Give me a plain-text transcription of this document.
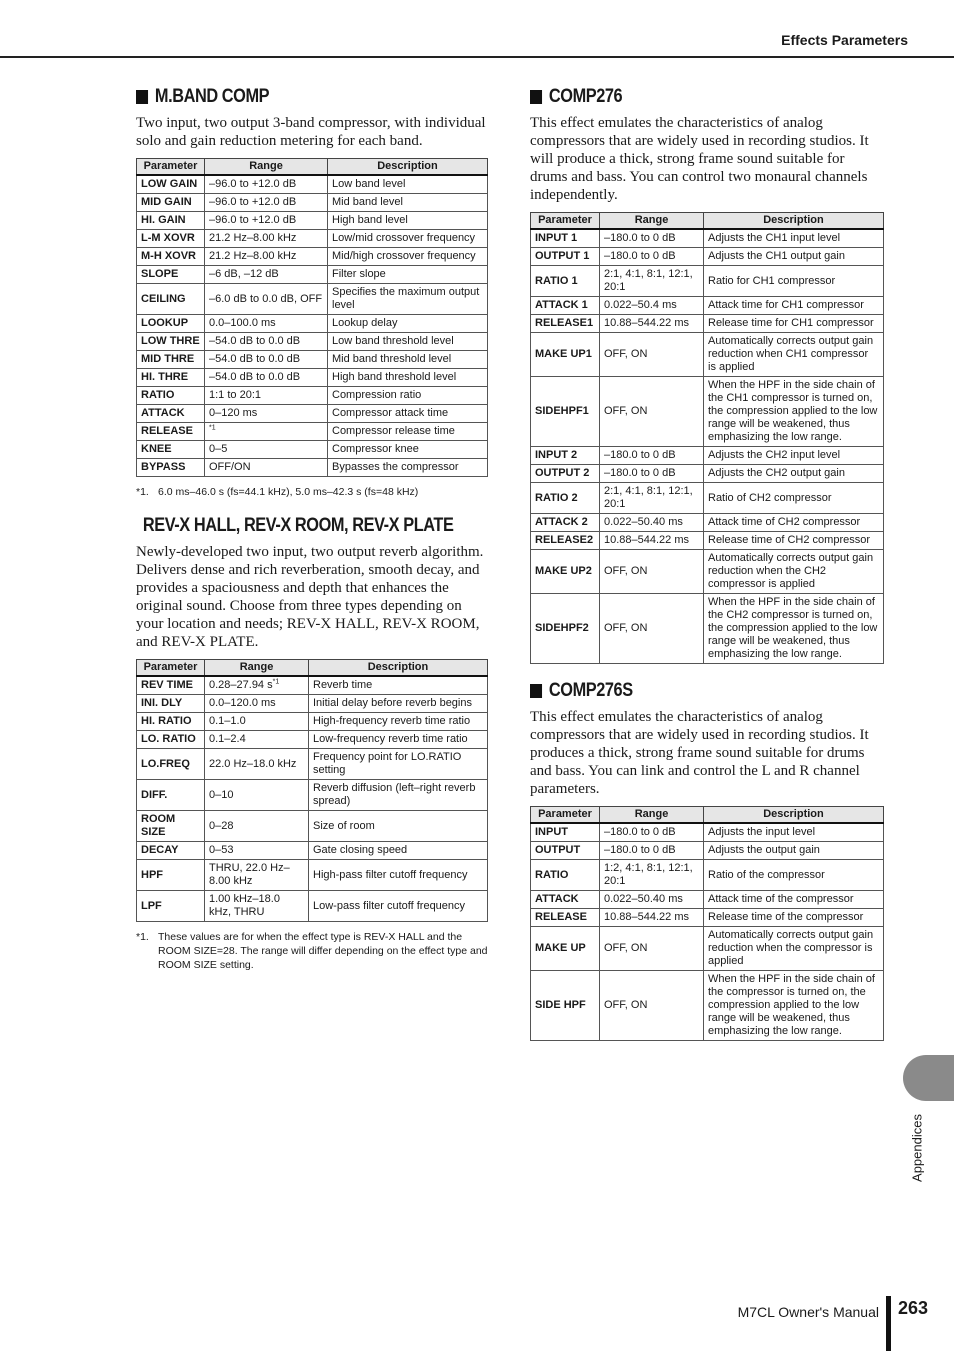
Effects Parameters
M.BAND COMP

Two input, two output 3-band compressor, with individual solo and gain reduction metering for each band.

Parameter	Range	Description
LOW GAIN	–96.0 to +12.0 dB	Low band level
MID GAIN	–96.0 to +12.0 dB	Mid band level
HI. GAIN	–96.0 to +12.0 dB	High band level
L-M XOVR	21.2 Hz–8.00 kHz	Low/mid crossover frequency
M-H XOVR	21.2 Hz–8.00 kHz	Mid/high crossover frequency
SLOPE	–6 dB, –12 dB	Filter slope
CEILING	–6.0 dB to 0.0 dB, OFF	Specifies the maximum output level
LOOKUP	0.0–100.0 ms	Lookup delay
LOW THRE	–54.0 dB to 0.0 dB	Low band threshold level
MID THRE	–54.0 dB to 0.0 dB	Mid band threshold level
HI. THRE	–54.0 dB to 0.0 dB	High band threshold level
RATIO	1:1 to 20:1	Compression ratio
ATTACK	0–120 ms	Compressor attack time
RELEASE	$^{*1}$	Compressor release time
KNEE	0–5	Compressor knee
BYPASS	OFF/ON	Bypasses the compressor
*1. 6.0 ms–46.0 s (fs=44.1 kHz), 5.0 ms–42.3 s (fs=48 kHz)
REV-X HALL, REV-X ROOM, REV-X PLATE

Newly-developed two input, two output reverb algorithm. Delivers dense and rich reverberation, smooth decay, and provides a spaciousness and depth that enhances the original sound. Choose from three types depending on your location and needs; REV-X HALL, REV-X ROOM, and REV-X PLATE.

Parameter	Range	Description
REV TIME	0.28–27.94 $s^{*1}$	Reverb time
INI. DLY	0.0–120.0 ms	Initial delay before reverb begins
HI. RATIO	0.1–1.0	High-frequency reverb time ratio
LO. RATIO	0.1–2.4	Low-frequency reverb time ratio
LO.FREQ	22.0 Hz–18.0 kHz	Frequency point for LO.RATIO setting
DIFF.	0–10	Reverb diffusion (left–right reverb spread)
ROOM SIZE	0–28	Size of room
DECAY	0–53	Gate closing speed
HPF	THRU, 22.0 Hz–8.00 kHz	High-pass filter cutoff frequency
LPF	1.00 kHz–18.0 kHz, THRU	Low-pass filter cutoff frequency
*1. These values are for when the effect type is REV-X HALL and the ROOM SIZE=28. The range will differ depending on the effect type and ROOM SIZE setting.
COMP276

This effect emulates the characteristics of analog compressors that are widely used in recording studios. It will produce a thick, strong frame sound suitable for drums and bass. You can control two monaural channels independently.

Parameter	Range	Description
INPUT 1	–180.0 to 0 dB	Adjusts the CH1 input level
OUTPUT 1	–180.0 to 0 dB	Adjusts the CH1 output gain
RATIO 1	2:1, 4:1, 8:1, 12:1, 20:1	Ratio for CH1 compressor
ATTACK 1	0.022–50.4 ms	Attack time for CH1 compressor
RELEASE1	10.88–544.22 ms	Release time for CH1 compressor
MAKE UP1	OFF, ON	Automatically corrects output gain reduction when CH1 compressor is applied
SIDEHPF1	OFF, ON	When the HPF in the side chain of the CH1 compressor is turned on, the compression applied to the low range will be weakened, thus emphasizing the low range.
INPUT 2	–180.0 to 0 dB	Adjusts the CH2 input level
OUTPUT 2	–180.0 to 0 dB	Adjusts the CH2 output gain
RATIO 2	2:1, 4:1, 8:1, 12:1, 20:1	Ratio of CH2 compressor
ATTACK 2	0.022–50.40 ms	Attack time of CH2 compressor
RELEASE2	10.88–544.22 ms	Release time of CH2 compressor
MAKE UP2	OFF, ON	Automatically corrects output gain reduction when the CH2 compressor is applied
SIDEHPF2	OFF, ON	When the HPF in the side chain of the CH2 compressor is turned on, the compression applied to the low range will be weakened, thus emphasizing the low range.
COMP276S

This effect emulates the characteristics of analog compressors that are widely used in recording studios. It produces a thick, strong frame sound suitable for drums and bass. You can link and control the L and R channel parameters.

Parameter	Range	Description
INPUT	–180.0 to 0 dB	Adjusts the input level
OUTPUT	–180.0 to 0 dB	Adjusts the output gain
RATIO	1:2, 4:1, 8:1, 12:1, 20:1	Ratio of the compressor
ATTACK	0.022–50.40 ms	Attack time of the compressor
RELEASE	10.88–544.22 ms	Release time of the compressor
MAKE UP	OFF, ON	Automatically corrects output gain reduction when the compressor is applied
SIDE HPF	OFF, ON	When the HPF in the side chain of the compressor is turned on, the compression applied to the low range will be weakened, thus emphasizing the low range.
Appendices
M7CL Owner's Manual 263
